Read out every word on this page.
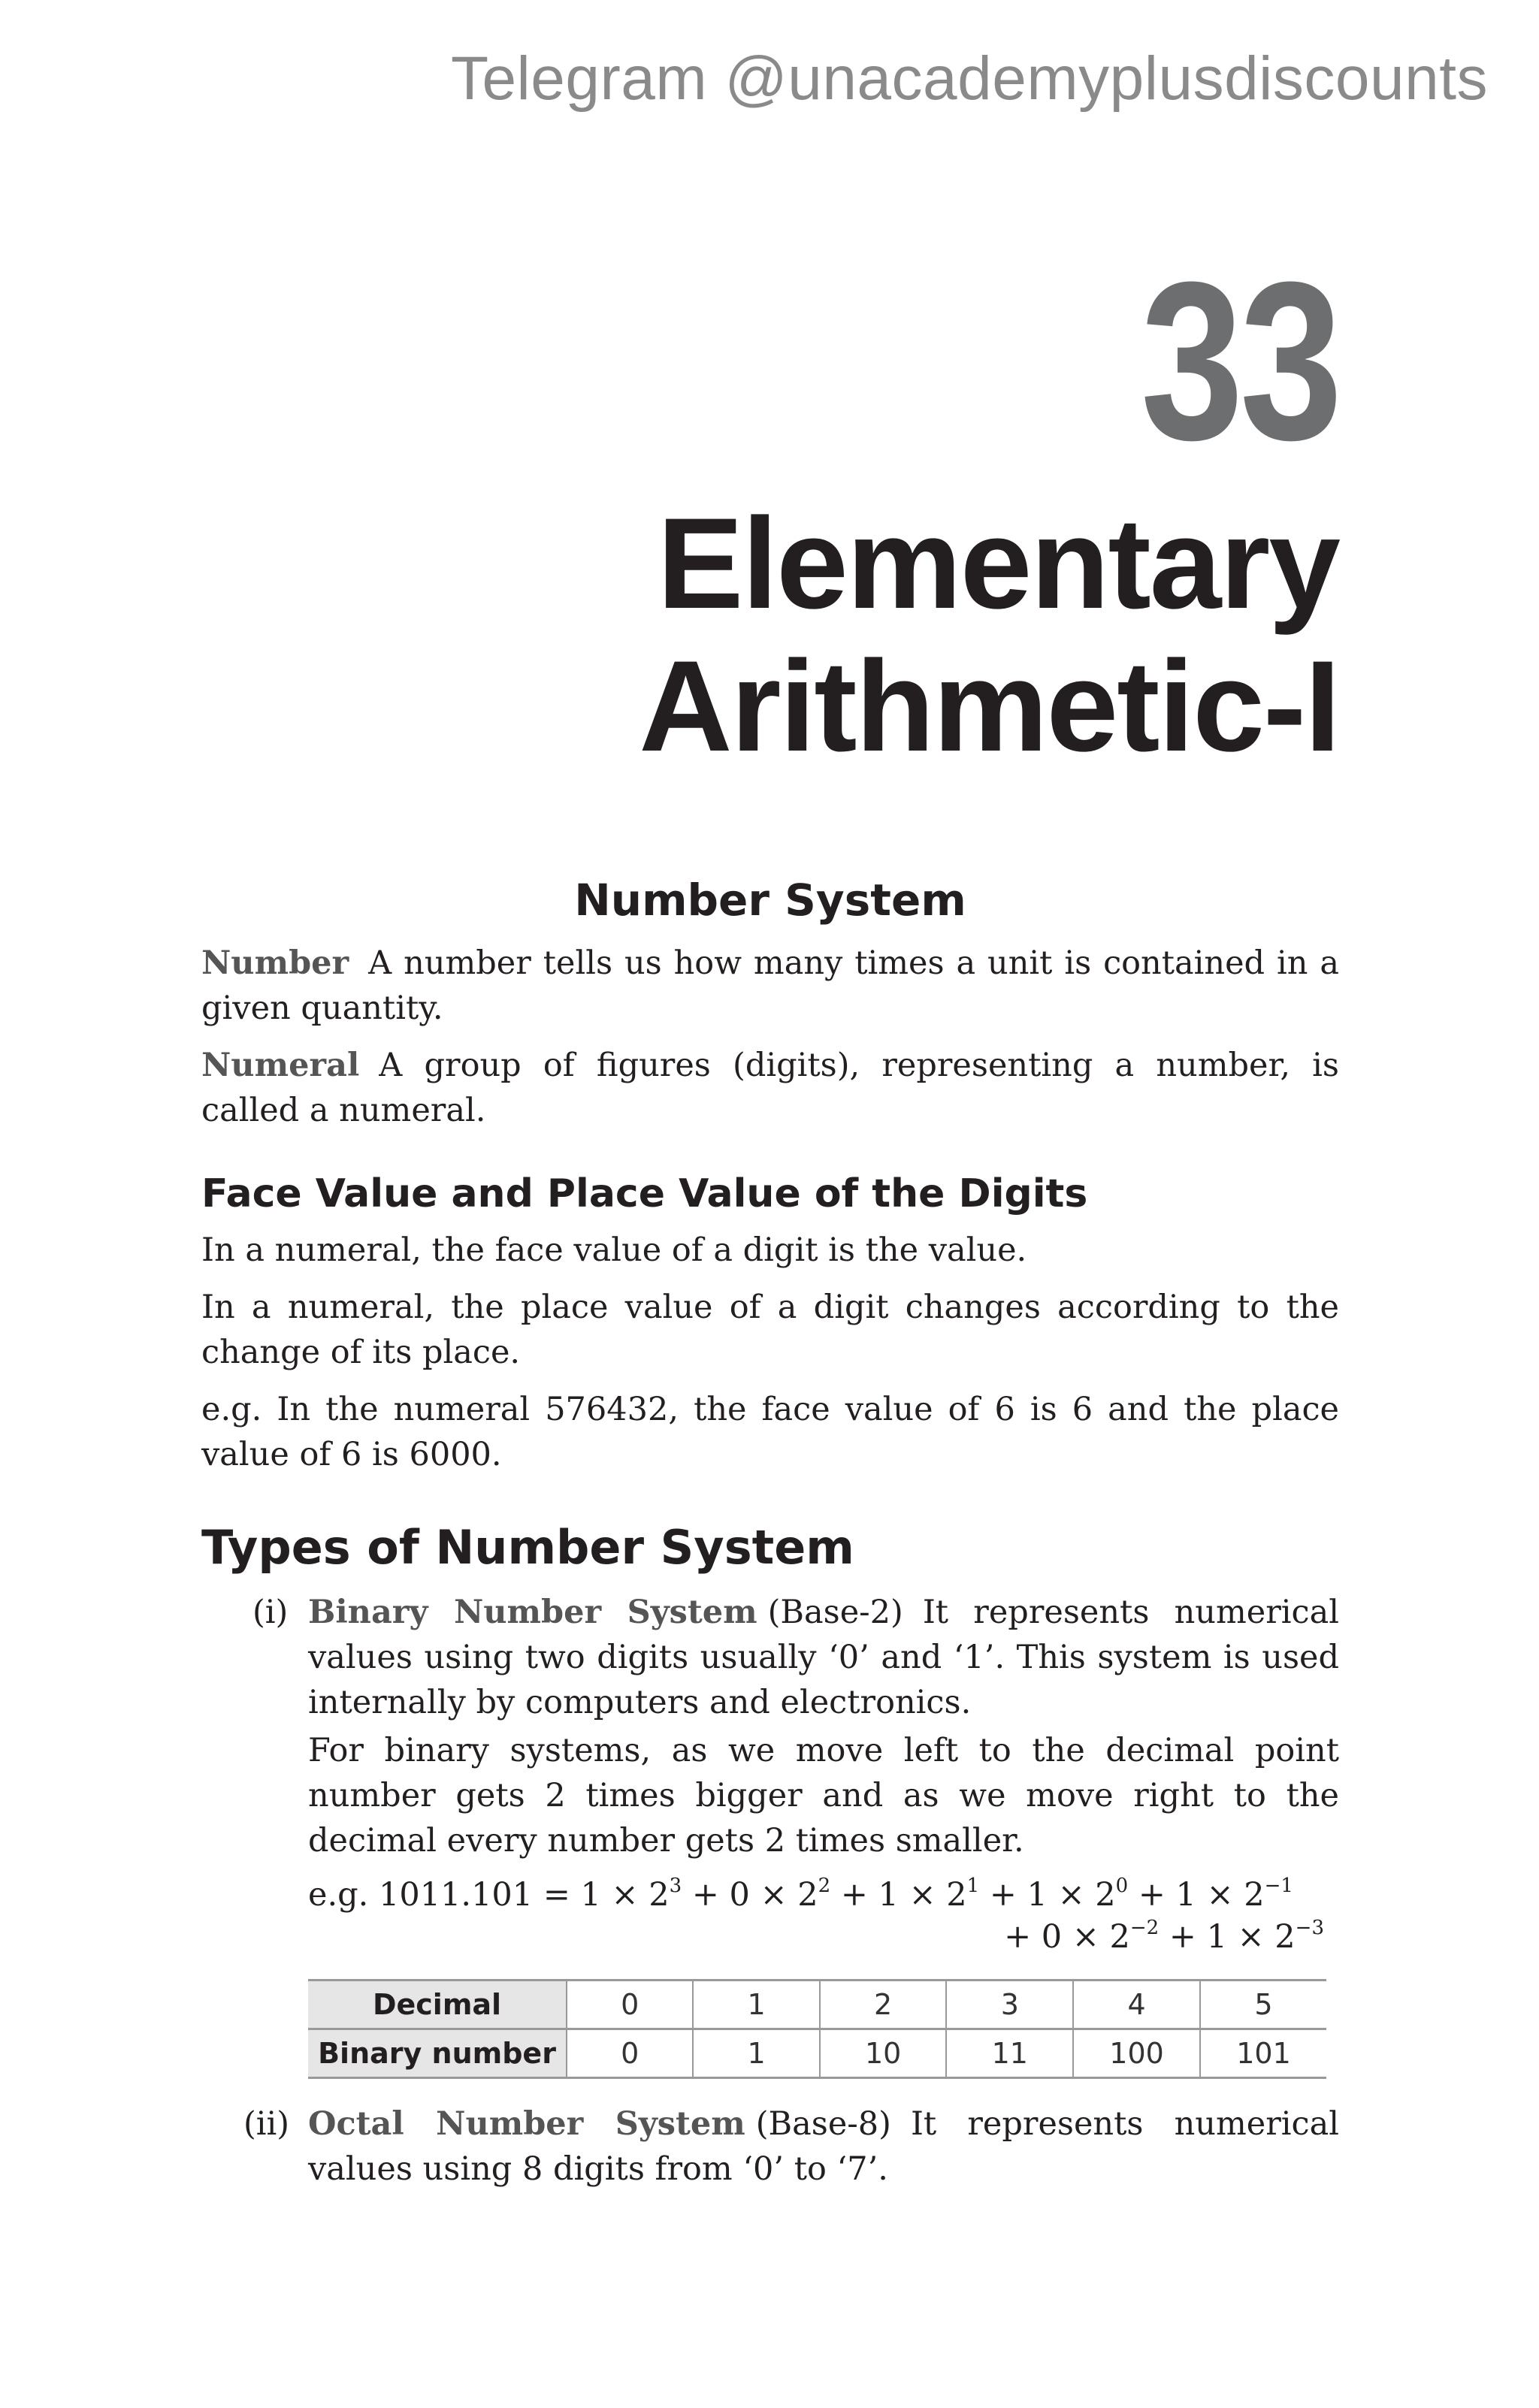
Telegram @unacademyplusdiscounts
33
Elementary
Arithmetic-I
Number System

Number A number tells us how many times a unit is contained in a given quantity.

Numeral A group of figures (digits), representing a number, is called a numeral.

Face Value and Place Value of the Digits

In a numeral, the face value of a digit is the value.

In a numeral, the place value of a digit changes according to the change of its place.

e.g. In the numeral 576432, the face value of 6 is 6 and the place value of 6 is 6000.

Types of Number System
(i) Binary Number System (Base-2) It represents numerical values using two digits usually ‘0’ and ‘1’. This system is used internally by computers and electronics.

For binary systems, as we move left to the decimal point number gets 2 times bigger and as we move right to the decimal every number gets 2 times smaller.

e.g. $1011.101 = 1 \times 2^3 + 0 \times 2^2 + 1 \times 2^1 + 1 \times 2^0 + 1 \times 2^{-1}$
+ $0 \times 2^{-2} + 1 \times 2^{-3}$
Decimal	0	1	2	3	4	5
Binary number	0	1	10	11	100	101
(ii) Octal Number System (Base-8) It represents numerical values using 8 digits from ‘0’ to ‘7’.
